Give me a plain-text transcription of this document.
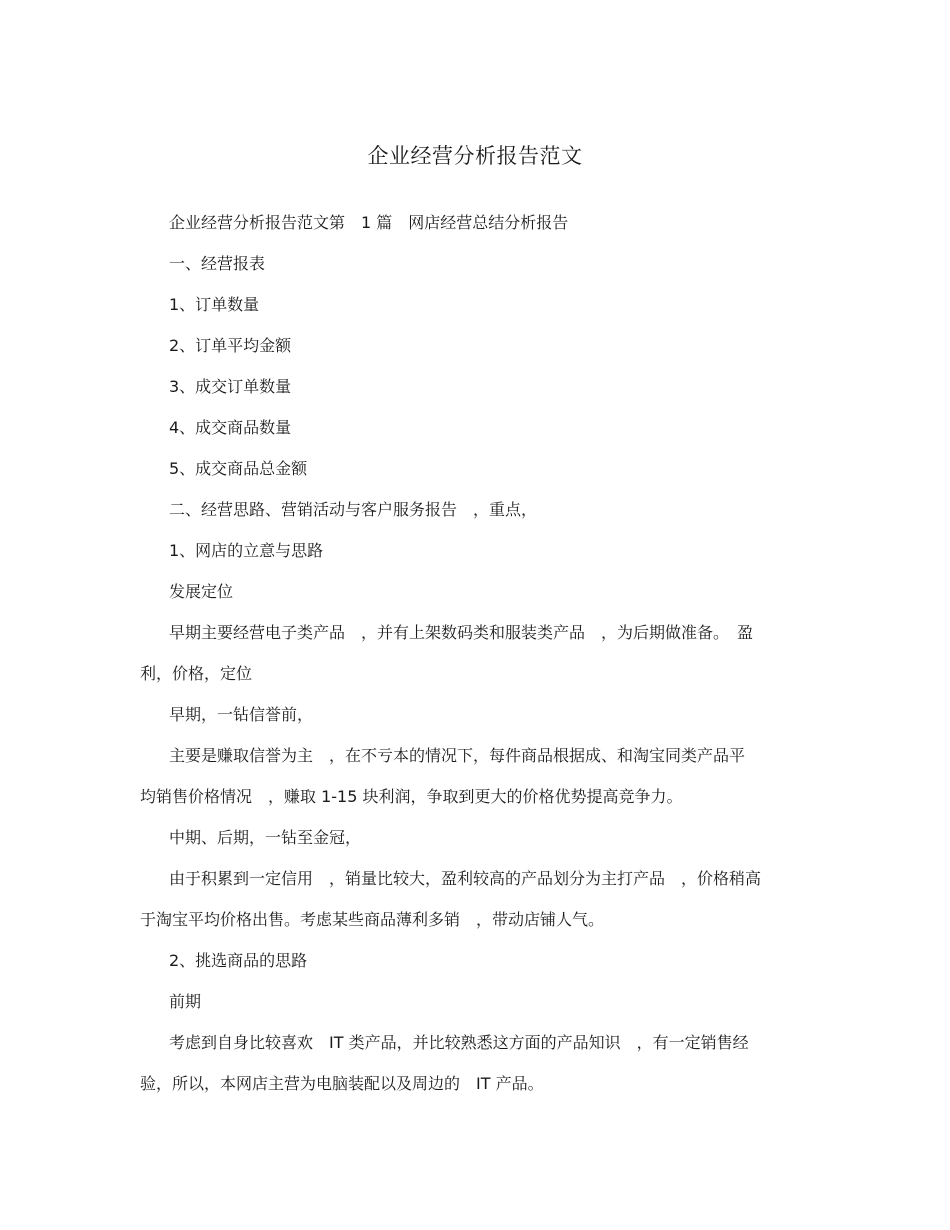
企业经营分析报告范文

企业经营分析报告范文第　1 篇　网店经营总结分析报告

一、经营报表

1、订单数量

2、订单平均金额

3、成交订单数量

4、成交商品数量

5、成交商品总金额

二、经营思路、营销活动与客户服务报告　，重点，

1、网店的立意与思路

发展定位

早期主要经营电子类产品　，并有上架数码类和服装类产品　，为后期做准备。　盈

利，价格，定位

早期，一钻信誉前，

主要是赚取信誉为主　，在不亏本的情况下，每件商品根据成、和淘宝同类产品平

均销售价格情况　，赚取 1-15 块利润，争取到更大的价格优势提高竞争力。

中期、后期，一钻至金冠，

由于积累到一定信用　，销量比较大，盈利较高的产品划分为主打产品　，价格稍高

于淘宝平均价格出售。考虑某些商品薄利多销　，带动店铺人气。

2、挑选商品的思路

前期

考虑到自身比较喜欢　IT 类产品，并比较熟悉这方面的产品知识　，有一定销售经

验，所以，本网店主营为电脑装配以及周边的　IT 产品。
